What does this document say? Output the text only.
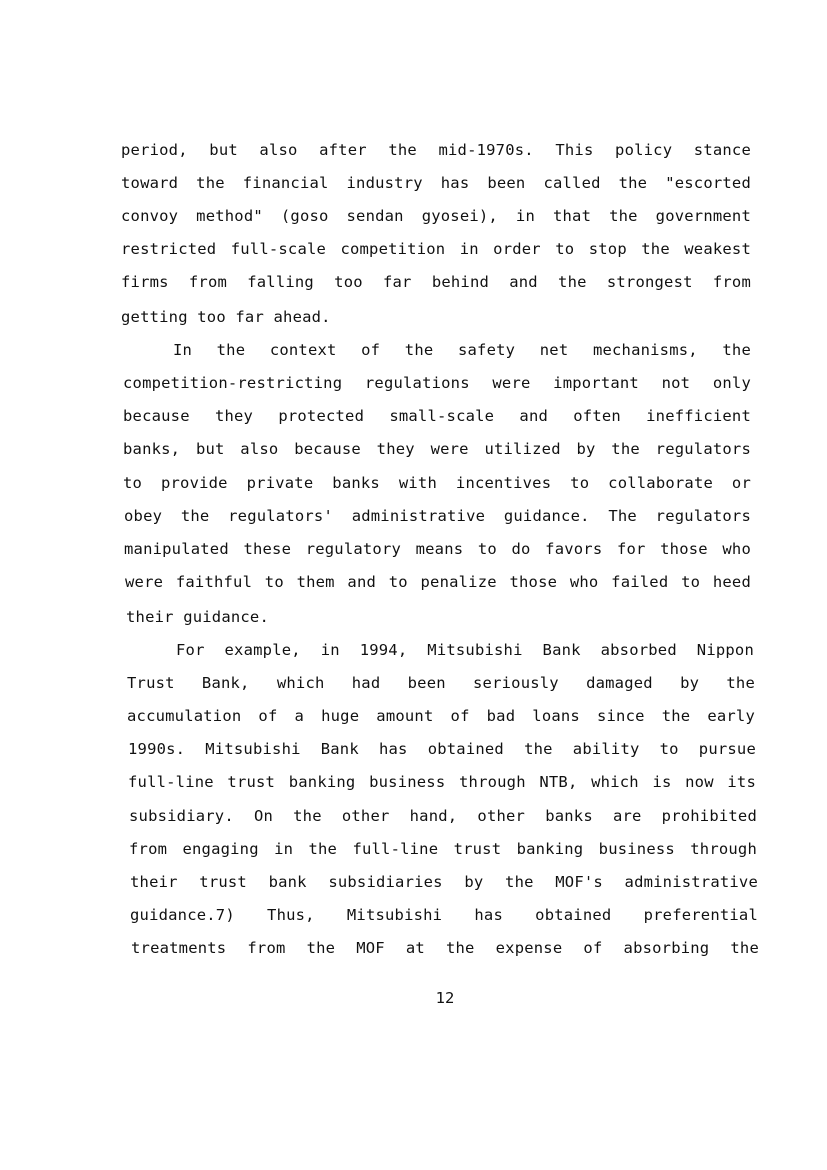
period, but also after the mid-1970s. This policy stance
toward the financial industry has been called the "escorted
convoy method" (goso sendan gyosei), in that the government
restricted full-scale competition in order to stop the weakest
firms from falling too far behind and the strongest from
getting too far ahead.
In the context of the safety net mechanisms, the
competition-restricting regulations were important not only
because they protected small-scale and often inefficient
banks, but also because they were utilized by the regulators
to provide private banks with incentives to collaborate or
obey the regulators' administrative guidance. The regulators
manipulated these regulatory means to do favors for those who
were faithful to them and to penalize those who failed to heed
their guidance.
For example, in 1994, Mitsubishi Bank absorbed Nippon
Trust Bank, which had been seriously damaged by the
accumulation of a huge amount of bad loans since the early
1990s. Mitsubishi Bank has obtained the ability to pursue
full-line trust banking business through NTB, which is now its
subsidiary. On the other hand, other banks are prohibited
from engaging in the full-line trust banking business through
their trust bank subsidiaries by the MOF's administrative
guidance.7) Thus, Mitsubishi has obtained preferential
treatments from the MOF at the expense of absorbing the
12
